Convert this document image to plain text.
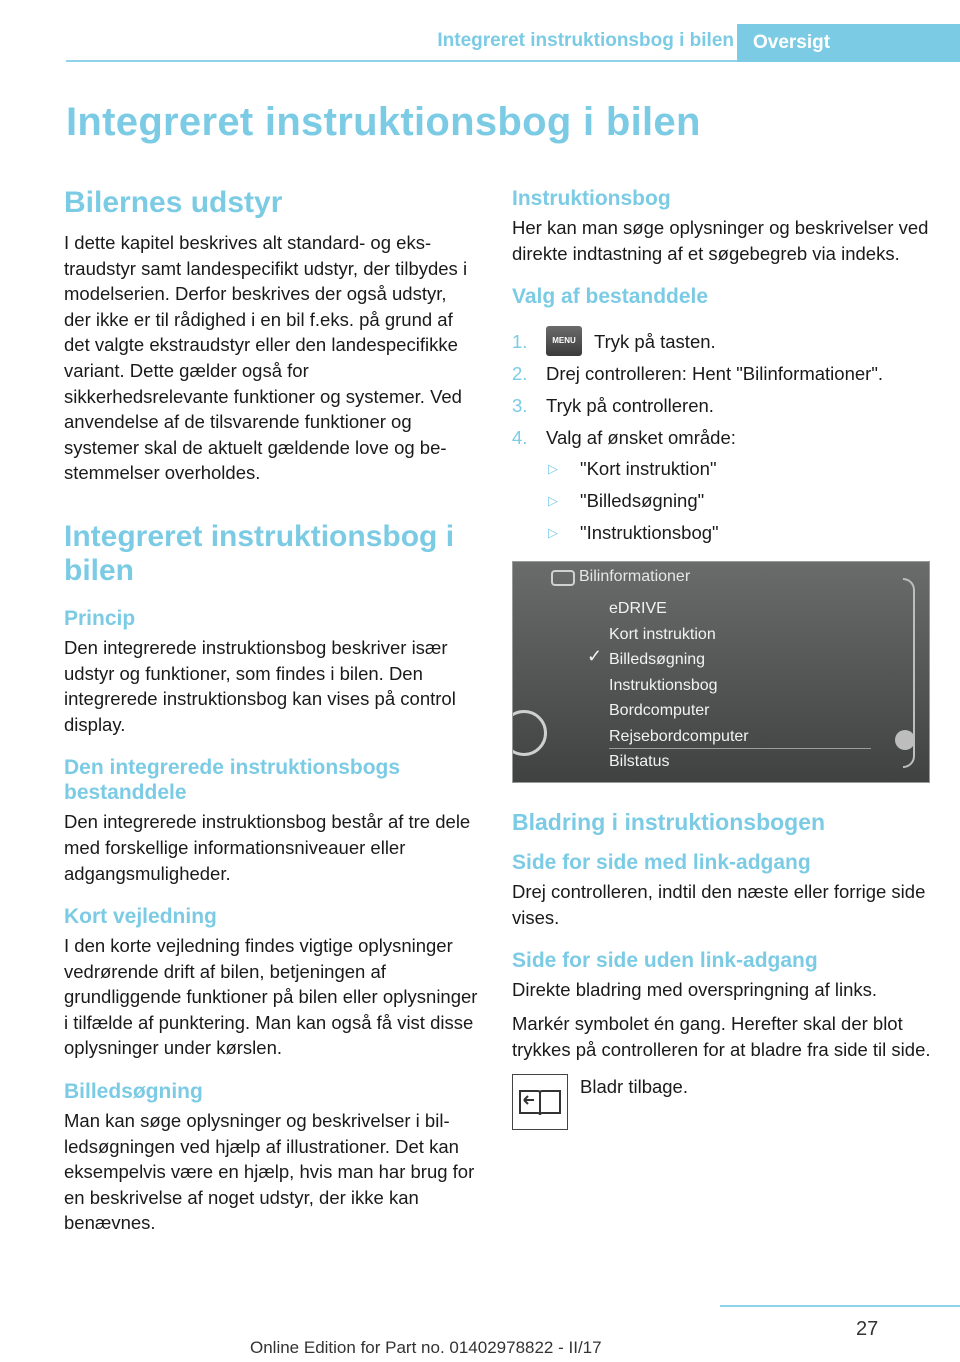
Integreret instruktionsbog i bilen	Oversigt
Integreret instruktionsbog i bilen
Bilernes udstyr

I dette kapitel beskrives alt standard- og ekstraudstyr samt landespecifikt udstyr, der tilbydes i modelserien. Derfor beskrives der også udstyr, der ikke er til rådighed i en bil f.eks. på grund af det valgte ekstraudstyr eller den landespecifikke variant. Dette gælder også for sikkerhedsrelevante funktioner og systemer. Ved anvendelse af de tilsvarende funktioner og systemer skal de aktuelt gældende love og bestemmelser overholdes.

Integreret instruktionsbog i bilen
Princip

Den integrerede instruktionsbog beskriver især udstyr og funktioner, som findes i bilen. Den integrerede instruktionsbog kan vises på control display.

Den integrerede instruktionsbogs bestanddele

Den integrerede instruktionsbog består af tre dele med forskellige informationsniveauer eller adgangsmuligheder.

Kort vejledning

I den korte vejledning findes vigtige oplysninger vedrørende drift af bilen, betjeningen af grundliggende funktioner på bilen eller oplysninger i tilfælde af punktering. Man kan også få vist disse oplysninger under kørslen.

Billedsøgning

Man kan søge oplysninger og beskrivelser i billedsøgningen ved hjælp af illustrationer. Det kan eksempelvis være en hjælp, hvis man har brug for en beskrivelse af noget udstyr, der ikke kan benævnes.

Instruktionsbog

Her kan man søge oplysninger og beskrivelser ved direkte indtastning af et søgebegreb via indeks.

Valg af bestanddele
1.	MENU Tryk på tasten.
2.	Drej controlleren: Hent "Bilinformationer".
3.	Tryk på controlleren.
4.	Valg af ønsket område:
▷	"Kort instruktion"
▷	"Billedsøgning"
▷	"Instruktionsbog"
Bilinformationer
✓
eDRIVE
Kort instruktion
Billedsøgning
Instruktionsbog
Bordcomputer
Rejsebordcomputer
Bilstatus
Bladring i instruktionsbogen
Side for side med link-adgang

Drej controlleren, indtil den næste eller forrige side vises.

Side for side uden link-adgang

Direkte bladring med overspringning af links.

Markér symbolet én gang. Herefter skal der blot trykkes på controlleren for at bladre fra side til side.

Bladr tilbage.

27
Online Edition for Part no. 01402978822 - II/17
